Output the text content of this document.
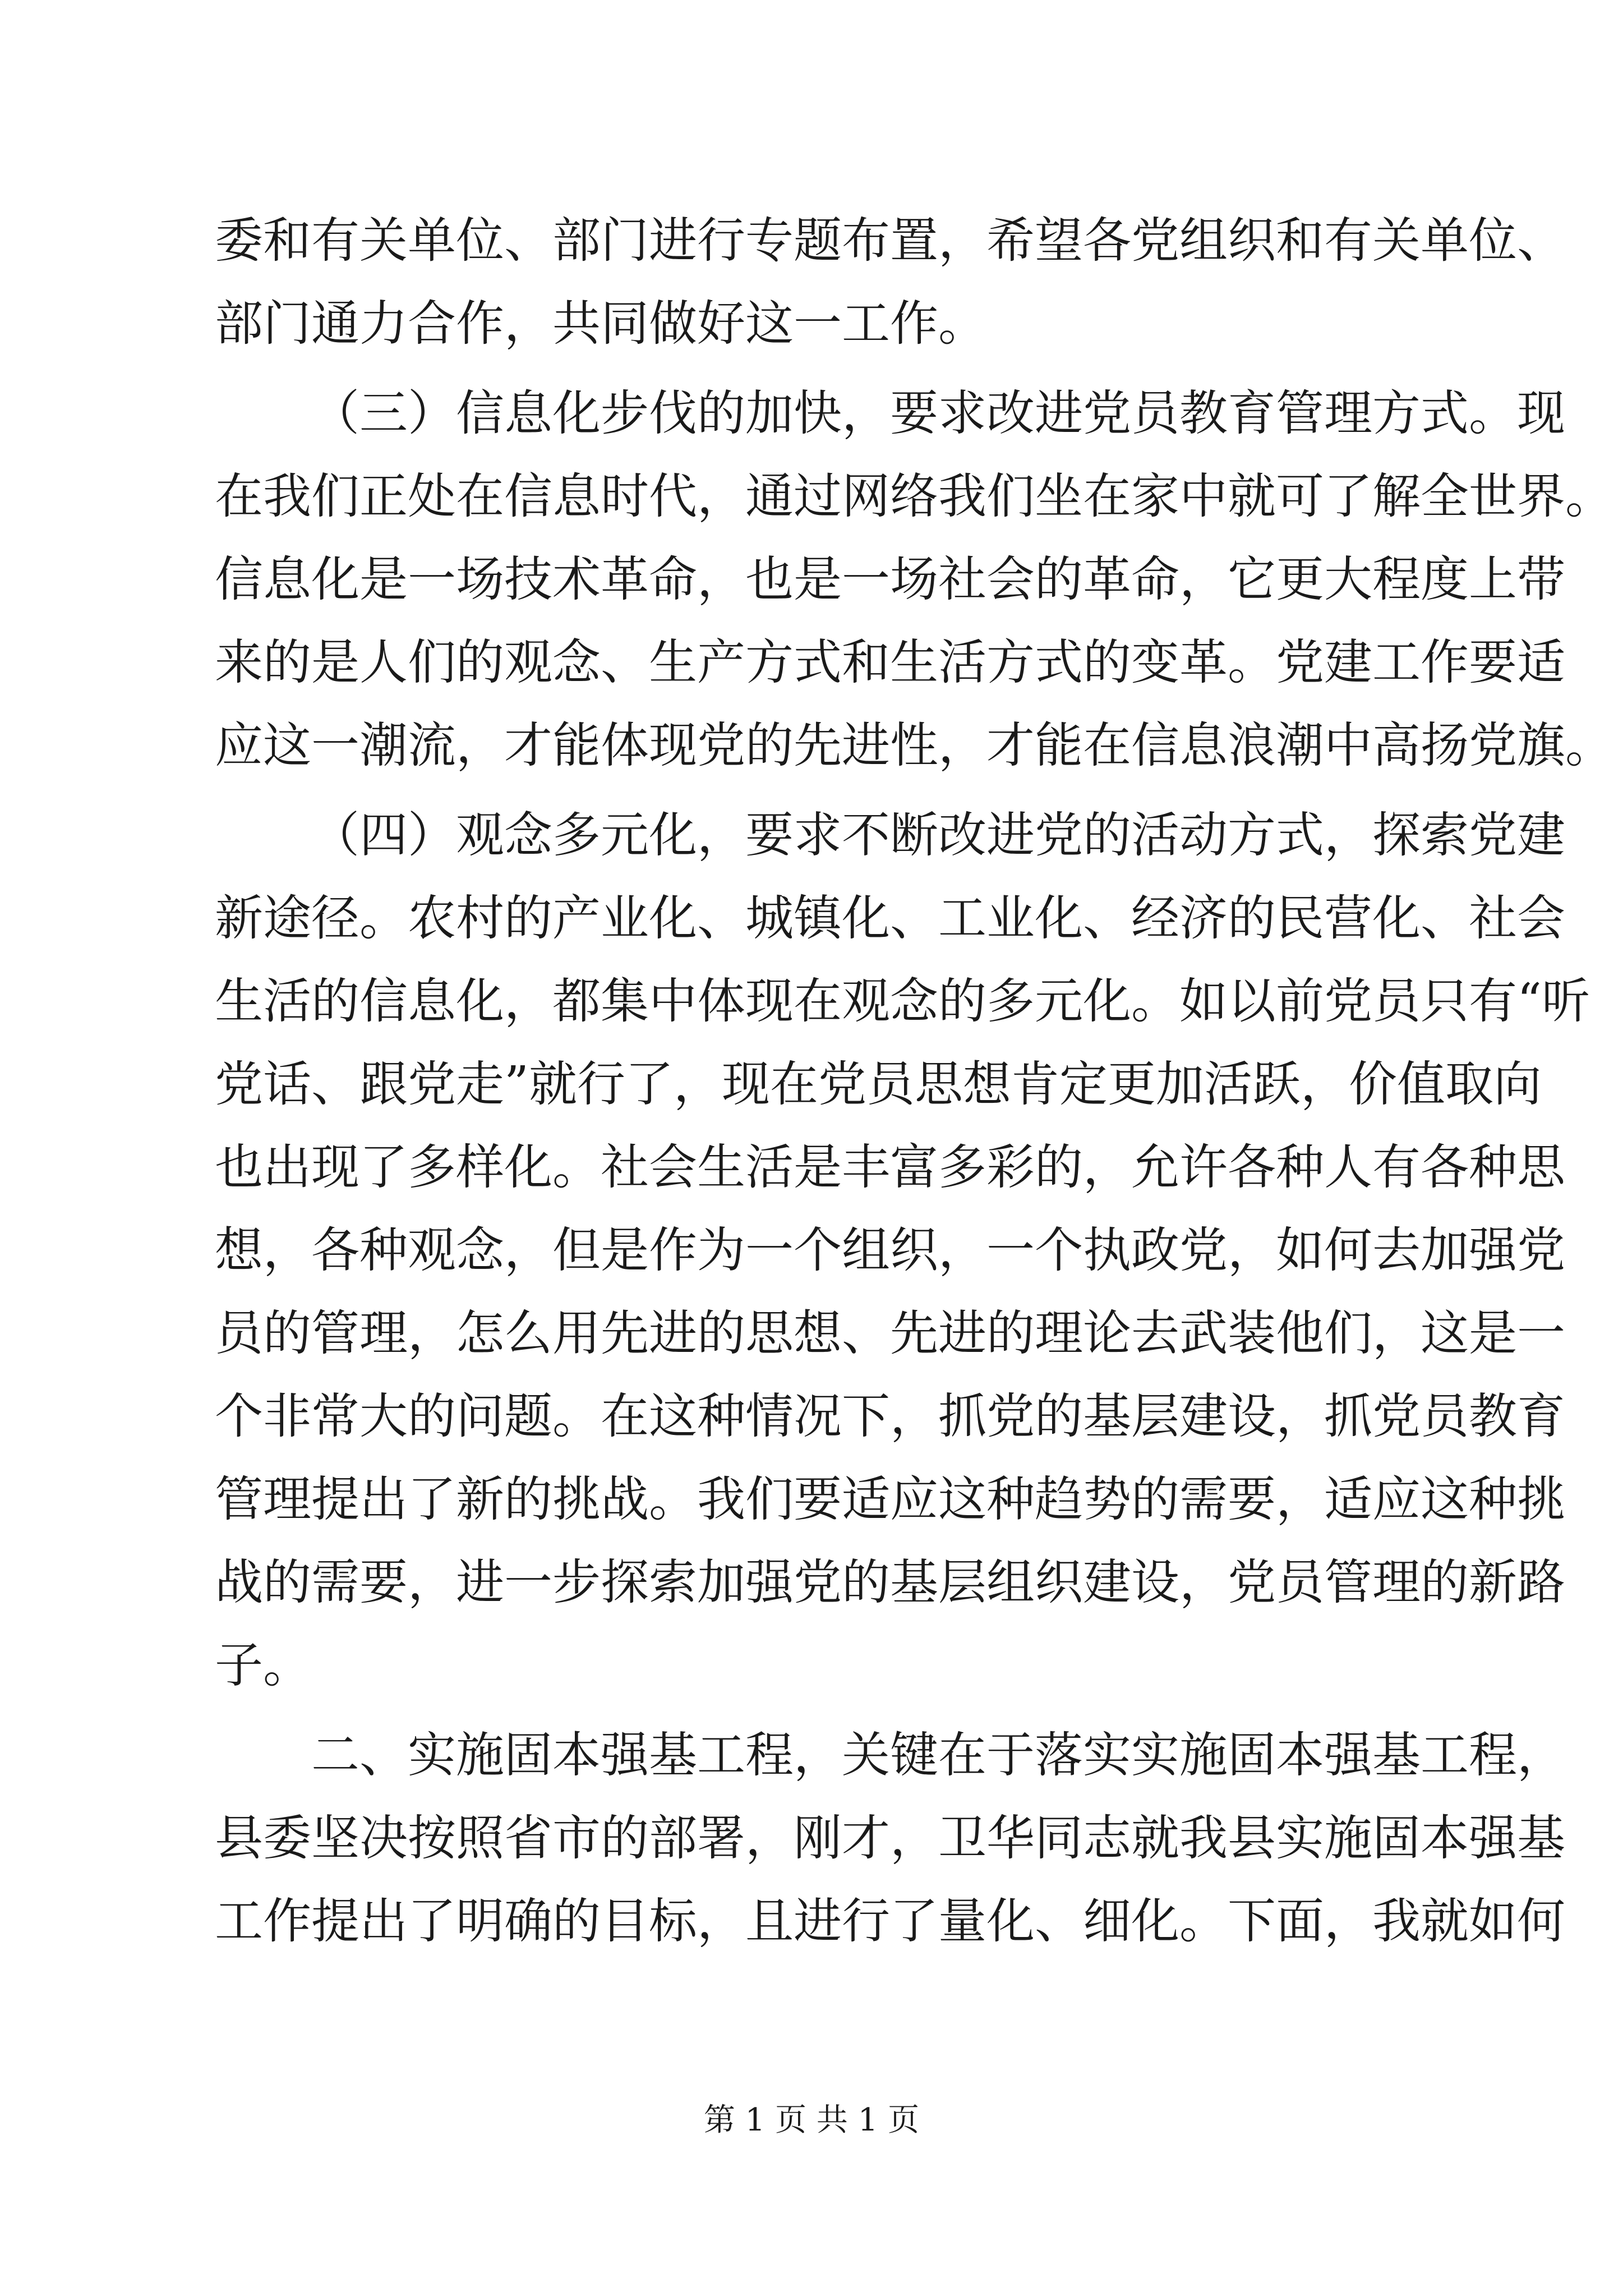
委和有关单位、部门进行专题布置，希望各党组织和有关单位、
部门通力合作，共同做好这一工作。
（三）信息化步伐的加快，要求改进党员教育管理方式。现
在我们正处在信息时代，通过网络我们坐在家中就可了解全世界。
信息化是一场技术革命，也是一场社会的革命，它更大程度上带
来的是人们的观念、生产方式和生活方式的变革。党建工作要适
应这一潮流，才能体现党的先进性，才能在信息浪潮中高扬党旗。
（四）观念多元化，要求不断改进党的活动方式，探索党建
新途径。农村的产业化、城镇化、工业化、经济的民营化、社会
生活的信息化，都集中体现在观念的多元化。如以前党员只有“听
党话、跟党走”就行了，现在党员思想肯定更加活跃，价值取向
也出现了多样化。社会生活是丰富多彩的，允许各种人有各种思
想，各种观念，但是作为一个组织，一个执政党，如何去加强党
员的管理，怎么用先进的思想、先进的理论去武装他们，这是一
个非常大的问题。在这种情况下，抓党的基层建设，抓党员教育
管理提出了新的挑战。我们要适应这种趋势的需要，适应这种挑
战的需要，进一步探索加强党的基层组织建设，党员管理的新路
子。
二、实施固本强基工程，关键在于落实实施固本强基工程，
县委坚决按照省市的部署，刚才，卫华同志就我县实施固本强基
工作提出了明确的目标，且进行了量化、细化。下面，我就如何
第 1 页 共 1 页
